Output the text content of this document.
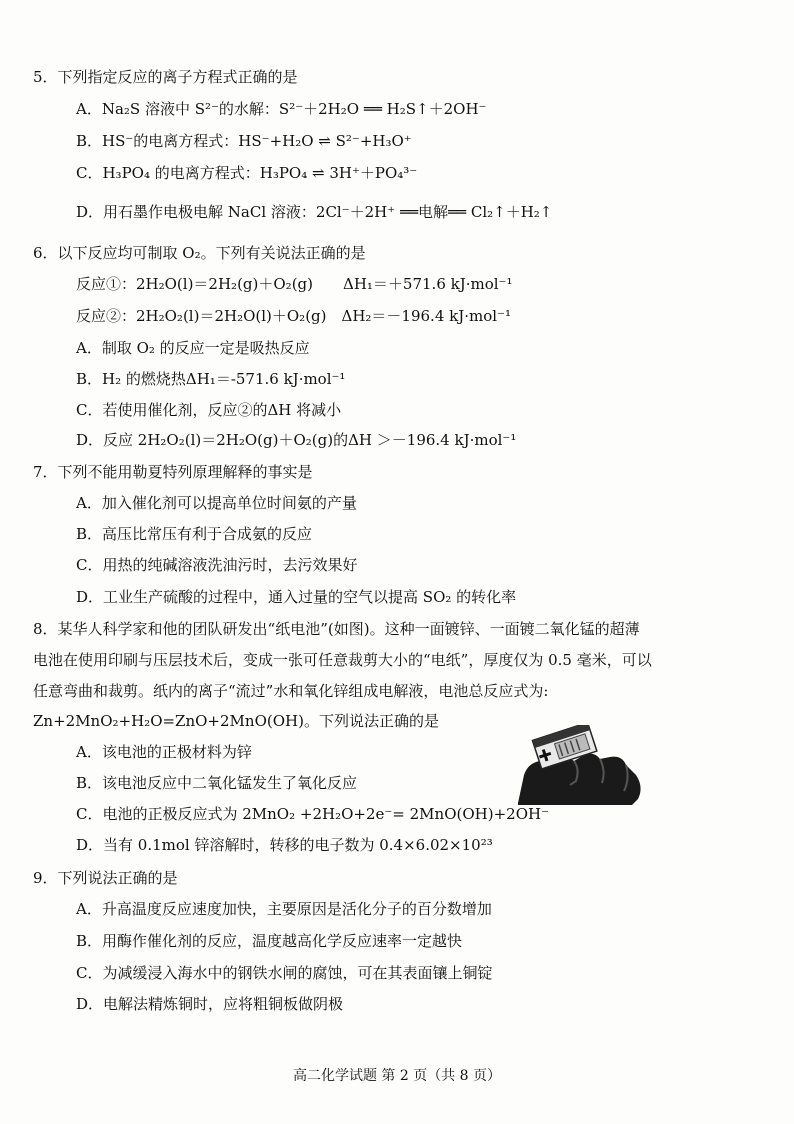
5．下列指定反应的离子方程式正确的是
A．Na₂S 溶液中 S²⁻的水解：S²⁻＋2H₂O ══ H₂S↑＋2OH⁻
B．HS⁻的电离方程式：HS⁻+H₂O ⇌ S²⁻+H₃O⁺
C．H₃PO₄ 的电离方程式：H₃PO₄ ⇌ 3H⁺＋PO₄³⁻
D．用石墨作电极电解 NaCl 溶液：2Cl⁻＋2H⁺ ══电解══ Cl₂↑＋H₂↑
6．以下反应均可制取 O₂。下列有关说法正确的是
反应①：2H₂O(l)＝2H₂(g)＋O₂(g)　　ΔH₁＝＋571.6 kJ·mol⁻¹
反应②：2H₂O₂(l)＝2H₂O(l)＋O₂(g)　ΔH₂＝－196.4 kJ·mol⁻¹
A．制取 O₂ 的反应一定是吸热反应
B．H₂ 的燃烧热ΔH₁＝-571.6 kJ·mol⁻¹
C．若使用催化剂，反应②的ΔH 将减小
D．反应 2H₂O₂(l)＝2H₂O(g)＋O₂(g)的ΔH ＞－196.4 kJ·mol⁻¹
7．下列不能用勒夏特列原理解释的事实是
A．加入催化剂可以提高单位时间氨的产量
B．高压比常压有利于合成氨的反应
C．用热的纯碱溶液洗油污时，去污效果好
D．工业生产硫酸的过程中，通入过量的空气以提高 SO₂ 的转化率
8．某华人科学家和他的团队研发出“纸电池”(如图)。这种一面镀锌、一面镀二氧化锰的超薄
电池在使用印刷与压层技术后，变成一张可任意裁剪大小的“电纸”，厚度仅为 0.5 毫米，可以
任意弯曲和裁剪。纸内的离子“流过”水和氧化锌组成电解液，电池总反应式为:
Zn+2MnO₂+H₂O=ZnO+2MnO(OH)。下列说法正确的是
A．该电池的正极材料为锌
B．该电池反应中二氧化锰发生了氧化反应
C．电池的正极反应式为 2MnO₂ +2H₂O+2e⁻= 2MnO(OH)+2OH⁻
D．当有 0.1mol 锌溶解时，转移的电子数为 0.4×6.02×10²³
9．下列说法正确的是
A．升高温度反应速度加快，主要原因是活化分子的百分数增加
B．用酶作催化剂的反应，温度越高化学反应速率一定越快
C．为减缓浸入海水中的钢铁水闸的腐蚀，可在其表面镶上铜锭
D．电解法精炼铜时，应将粗铜板做阴极
高二化学试题 第 2 页（共 8 页）
